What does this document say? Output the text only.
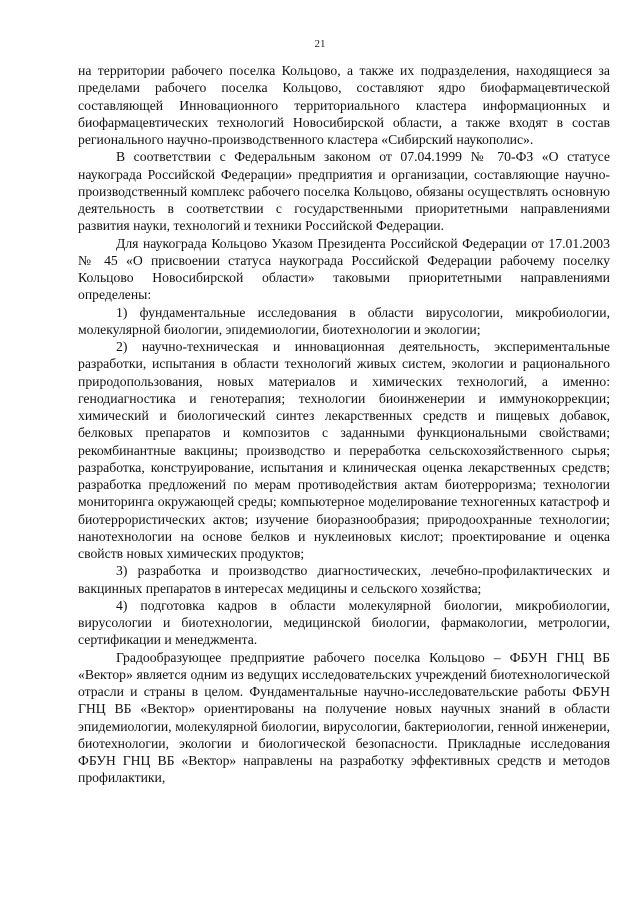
21

на территории рабочего поселка Кольцово, а также их подразделения, находящиеся за пределами рабочего поселка Кольцово, составляют ядро биофармацевтической составляющей Инновационного территориального кластера информационных и биофармацевтических технологий Новосибирской области, а также входят в состав регионального научно-производственного кластера «Сибирский наукополис».

В соответствии с Федеральным законом от 07.04.1999 № 70-ФЗ «О статусе наукограда Российской Федерации» предприятия и организации, составляющие научно-производственный комплекс рабочего поселка Кольцово, обязаны осуществлять основную деятельность в соответствии с государственными приоритетными направлениями развития науки, технологий и техники Российской Федерации.

Для наукограда Кольцово Указом Президента Российской Федерации от 17.01.2003 № 45 «О присвоении статуса наукограда Российской Федерации рабочему поселку Кольцово Новосибирской области» таковыми приоритетными направлениями определены:

1) фундаментальные исследования в области вирусологии, микробиологии, молекулярной биологии, эпидемиологии, биотехнологии и экологии;

2) научно-техническая и инновационная деятельность, экспериментальные разработки, испытания в области технологий живых систем, экологии и рационального природопользования, новых материалов и химических технологий, а именно: генодиагностика и генотерапия; технологии биоинженерии и иммунокоррекции; химический и биологический синтез лекарственных средств и пищевых добавок, белковых препаратов и композитов с заданными функциональными свойствами; рекомбинантные вакцины; производство и переработка сельскохозяйственного сырья; разработка, конструирование, испытания и клиническая оценка лекарственных средств; разработка предложений по мерам противодействия актам биотерроризма; технологии мониторинга окружающей среды; компьютерное моделирование техногенных катастроф и биотеррористических актов; изучение биоразнообразия; природоохранные технологии; нанотехнологии на основе белков и нуклеиновых кислот; проектирование и оценка свойств новых химических продуктов;

3) разработка и производство диагностических, лечебно-профилактических и вакцинных препаратов в интересах медицины и сельского хозяйства;

4) подготовка кадров в области молекулярной биологии, микробиологии, вирусологии и биотехнологии, медицинской биологии, фармакологии, метрологии, сертификации и менеджмента.

Градообразующее предприятие рабочего поселка Кольцово – ФБУН ГНЦ ВБ «Вектор» является одним из ведущих исследовательских учреждений биотехнологической отрасли и страны в целом. Фундаментальные научно-исследовательские работы ФБУН ГНЦ ВБ «Вектор» ориентированы на получение новых научных знаний в области эпидемиологии, молекулярной биологии, вирусологии, бактериологии, генной инженерии, биотехнологии, экологии и биологической безопасности. Прикладные исследования ФБУН ГНЦ ВБ «Вектор» направлены на разработку эффективных средств и методов профилактики,
